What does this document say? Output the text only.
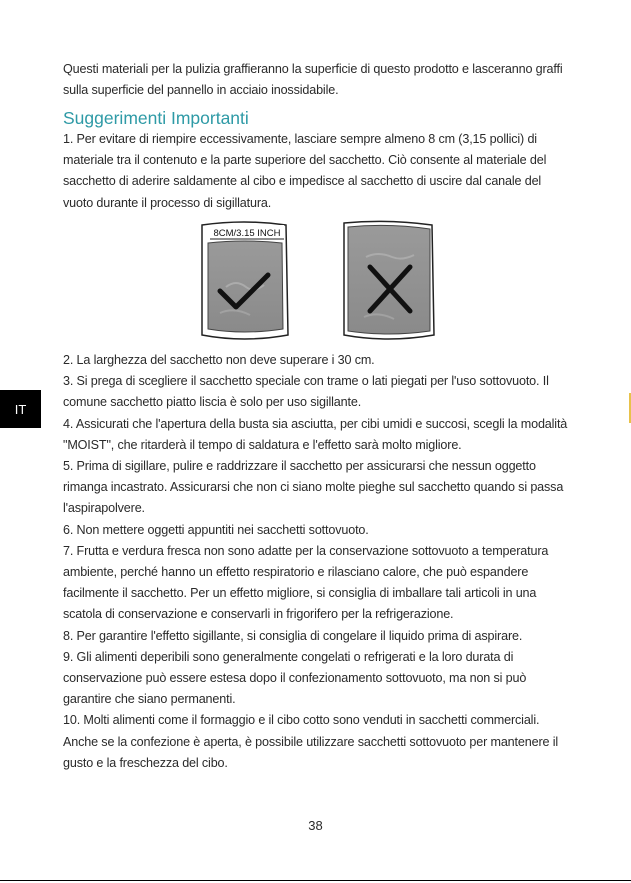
Questi materiali per la pulizia graffieranno la superficie di questo prodotto e lasceranno graffi sulla superficie del pannello in acciaio inossidabile.

Suggerimenti Importanti

1. Per evitare di riempire eccessivamente, lasciare sempre almeno 8 cm (3,15 pollici) di materiale tra il contenuto e la parte superiore del sacchetto. Ciò consente al materiale del sacchetto di aderire saldamente al cibo e impedisce al sacchetto di uscire dal canale del vuoto durante il processo di sigillatura.

8CM/3.15 INCH

2. La larghezza del sacchetto non deve superare i 30 cm.

3. Si prega di scegliere il sacchetto speciale con trame o lati piegati per l'uso sottovuoto. Il comune sacchetto piatto liscia è solo per uso sigillante.

4. Assicurati che l'apertura della busta sia asciutta, per cibi umidi e succosi, scegli la modalità "MOIST", che ritarderà il tempo di saldatura e l'effetto sarà molto migliore.

5. Prima di sigillare, pulire e raddrizzare il sacchetto per assicurarsi che nessun oggetto rimanga incastrato. Assicurarsi che non ci siano molte pieghe sul sacchetto quando si passa l'aspirapolvere.

6. Non mettere oggetti appuntiti nei sacchetti sottovuoto.

7. Frutta e verdura fresca non sono adatte per la conservazione sottovuoto a temperatura ambiente, perché hanno un effetto respiratorio e rilasciano calore, che può espandere facilmente il sacchetto. Per un effetto migliore, si consiglia di imballare tali articoli in una scatola di conservazione e conservarli in frigorifero per la refrigerazione.

8. Per garantire l'effetto sigillante, si consiglia di congelare il liquido prima di aspirare.

9. Gli alimenti deperibili sono generalmente congelati o refrigerati e la loro durata di conservazione può essere estesa dopo il confezionamento sottovuoto, ma non si può garantire che siano permanenti.

10. Molti alimenti come il formaggio e il cibo cotto sono venduti in sacchetti commerciali. Anche se la confezione è aperta, è possibile utilizzare sacchetti sottovuoto per mantenere il gusto e la freschezza del cibo.

IT
38
